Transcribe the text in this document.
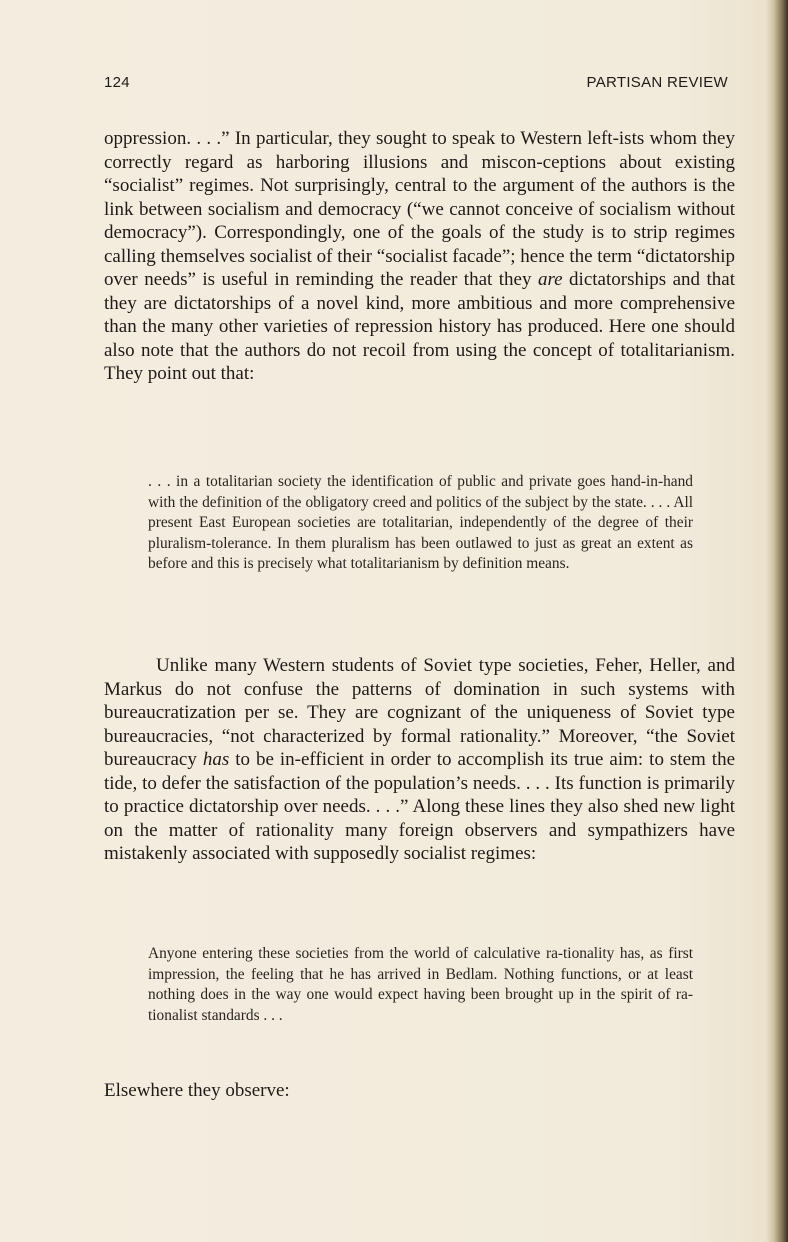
124	PARTISAN REVIEW

oppression. . . .” In particular, they sought to speak to Western left-ists whom they correctly regard as harboring illusions and miscon-ceptions about existing “socialist” regimes. Not surprisingly, central to the argument of the authors is the link between socialism and democracy (“we cannot conceive of socialism without democracy”). Correspondingly, one of the goals of the study is to strip regimes calling themselves socialist of their “socialist facade”; hence the term “dictatorship over needs” is useful in reminding the reader that they are dictatorships and that they are dictatorships of a novel kind, more ambitious and more comprehensive than the many other varieties of repression history has produced. Here one should also note that the authors do not recoil from using the concept of totalitarianism. They point out that:

. . . in a totalitarian society the identification of public and private goes hand-in-hand with the definition of the obligatory creed and politics of the subject by the state. . . . All present East European societies are totalitarian, independently of the degree of their pluralism-tolerance. In them pluralism has been outlawed to just as great an extent as before and this is precisely what totalitarianism by definition means.

Unlike many Western students of Soviet type societies, Feher, Heller, and Markus do not confuse the patterns of domination in such systems with bureaucratization per se. They are cognizant of the uniqueness of Soviet type bureaucracies, “not characterized by formal rationality.” Moreover, “the Soviet bureaucracy has to be in-efficient in order to accomplish its true aim: to stem the tide, to defer the satisfaction of the population’s needs. . . . Its function is primarily to practice dictatorship over needs. . . .” Along these lines they also shed new light on the matter of rationality many foreign observers and sympathizers have mistakenly associated with supposedly socialist regimes:

Anyone entering these societies from the world of calculative ra-tionality has, as first impression, the feeling that he has arrived in Bedlam. Nothing functions, or at least nothing does in the way one would expect having been brought up in the spirit of ra-tionalist standards . . .

Elsewhere they observe:
